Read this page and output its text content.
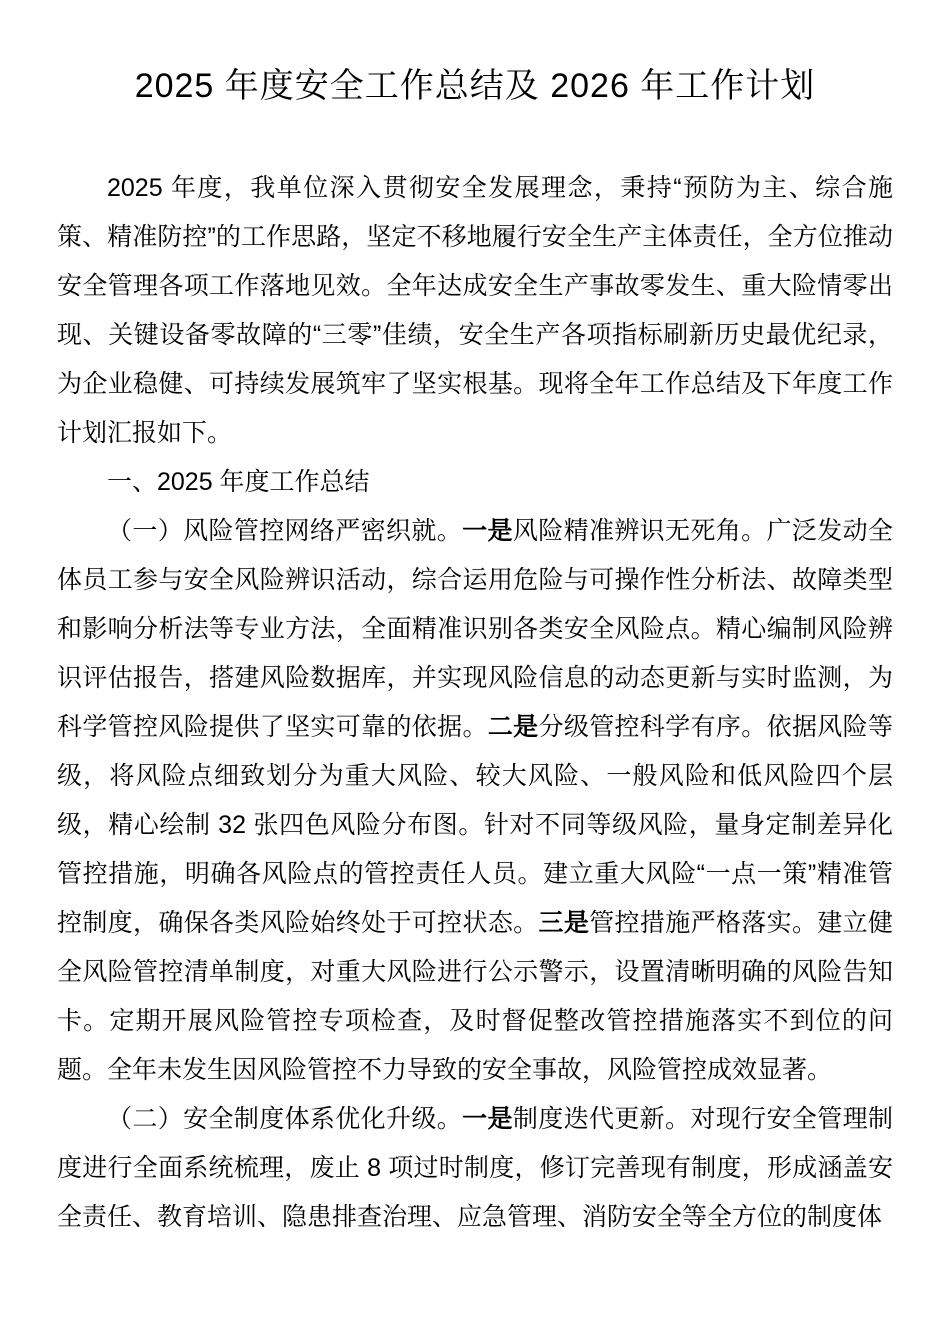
2025 年度安全工作总结及 2026 年工作计划

2025 年度，我单位深入贯彻安全发展理念，秉持“预防为主、综合施策、精准防控”的工作思路，坚定不移地履行安全生产主体责任，全方位推动安全管理各项工作落地见效。全年达成安全生产事故零发生、重大险情零出现、关键设备零故障的“三零”佳绩，安全生产各项指标刷新历史最优纪录，为企业稳健、可持续发展筑牢了坚实根基。现将全年工作总结及下年度工作计划汇报如下。

一、2025 年度工作总结

（一）风险管控网络严密织就。一是风险精准辨识无死角。广泛发动全体员工参与安全风险辨识活动，综合运用危险与可操作性分析法、故障类型和影响分析法等专业方法，全面精准识别各类安全风险点。精心编制风险辨识评估报告，搭建风险数据库，并实现风险信息的动态更新与实时监测，为科学管控风险提供了坚实可靠的依据。二是分级管控科学有序。依据风险等级，将风险点细致划分为重大风险、较大风险、一般风险和低风险四个层级，精心绘制 32 张四色风险分布图。针对不同等级风险，量身定制差异化管控措施，明确各风险点的管控责任人员。建立重大风险“一点一策”精准管控制度，确保各类风险始终处于可控状态。三是管控措施严格落实。建立健全风险管控清单制度，对重大风险进行公示警示，设置清晰明确的风险告知卡。定期开展风险管控专项检查，及时督促整改管控措施落实不到位的问题。全年未发生因风险管控不力导致的安全事故，风险管控成效显著。

（二）安全制度体系优化升级。一是制度迭代更新。对现行安全管理制度进行全面系统梳理，废止 8 项过时制度，修订完善现有制度，形成涵盖安全责任、教育培训、隐患排查治理、应急管理、消防安全等全方位的制度体
